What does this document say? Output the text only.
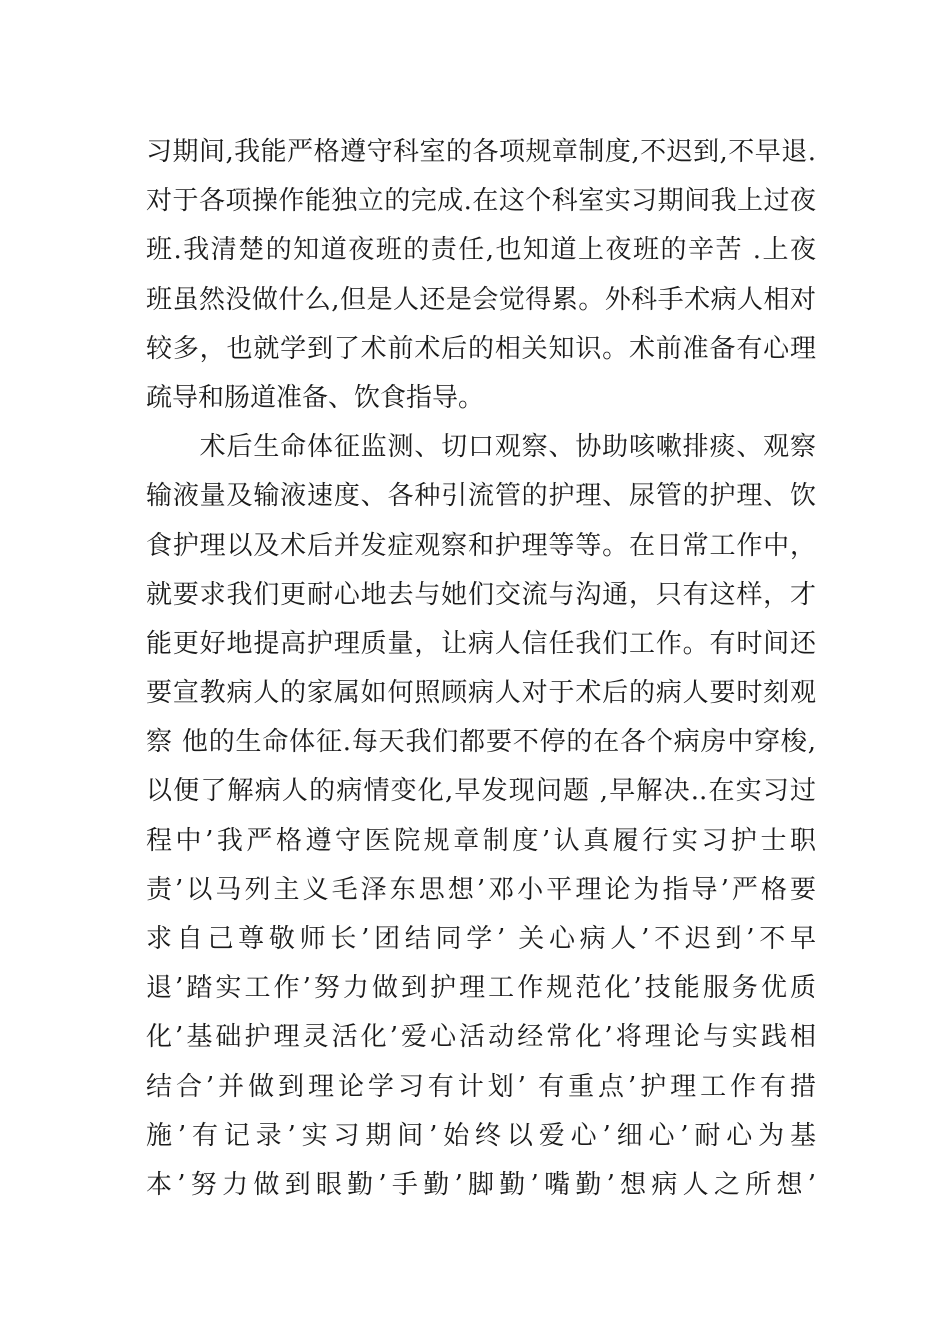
习期间,我能严格遵守科室的各项规章制度,不迟到,不早退.
对于各项操作能独立的完成.在这个科室实习期间我上过夜
班.我清楚的知道夜班的责任,也知道上夜班的辛苦 .上夜
班虽然没做什么,但是人还是会觉得累。外科手术病人相对
较多，也就学到了术前术后的相关知识。术前准备有心理
疏导和肠道准备、饮食指导。
　　术后生命体征监测、切口观察、协助咳嗽排痰、观察
输液量及输液速度、各种引流管的护理、尿管的护理、饮
食护理以及术后并发症观察和护理等等。在日常工作中，
就要求我们更耐心地去与她们交流与沟通，只有这样，才
能更好地提高护理质量，让病人信任我们工作。有时间还
要宣教病人的家属如何照顾病人对于术后的病人要时刻观
察 他的生命体征.每天我们都要不停的在各个病房中穿梭,
以便了解病人的病情变化,早发现问题 ,早解决..在实习过
程中’我严格遵守医院规章制度’认真履行实习护士职
责’以马列主义毛泽东思想’邓小平理论为指导’严格要
求自己尊敬师长’团结同学’ 关心病人’不迟到’不早
退’踏实工作’努力做到护理工作规范化’技能服务优质
化’基础护理灵活化’爱心活动经常化’将理论与实践相
结合’并做到理论学习有计划’ 有重点’护理工作有措
施’有记录’实习期间’始终以爱心’细心’耐心为基
本’努力做到眼勤’手勤’脚勤’嘴勤’想病人之所想’
